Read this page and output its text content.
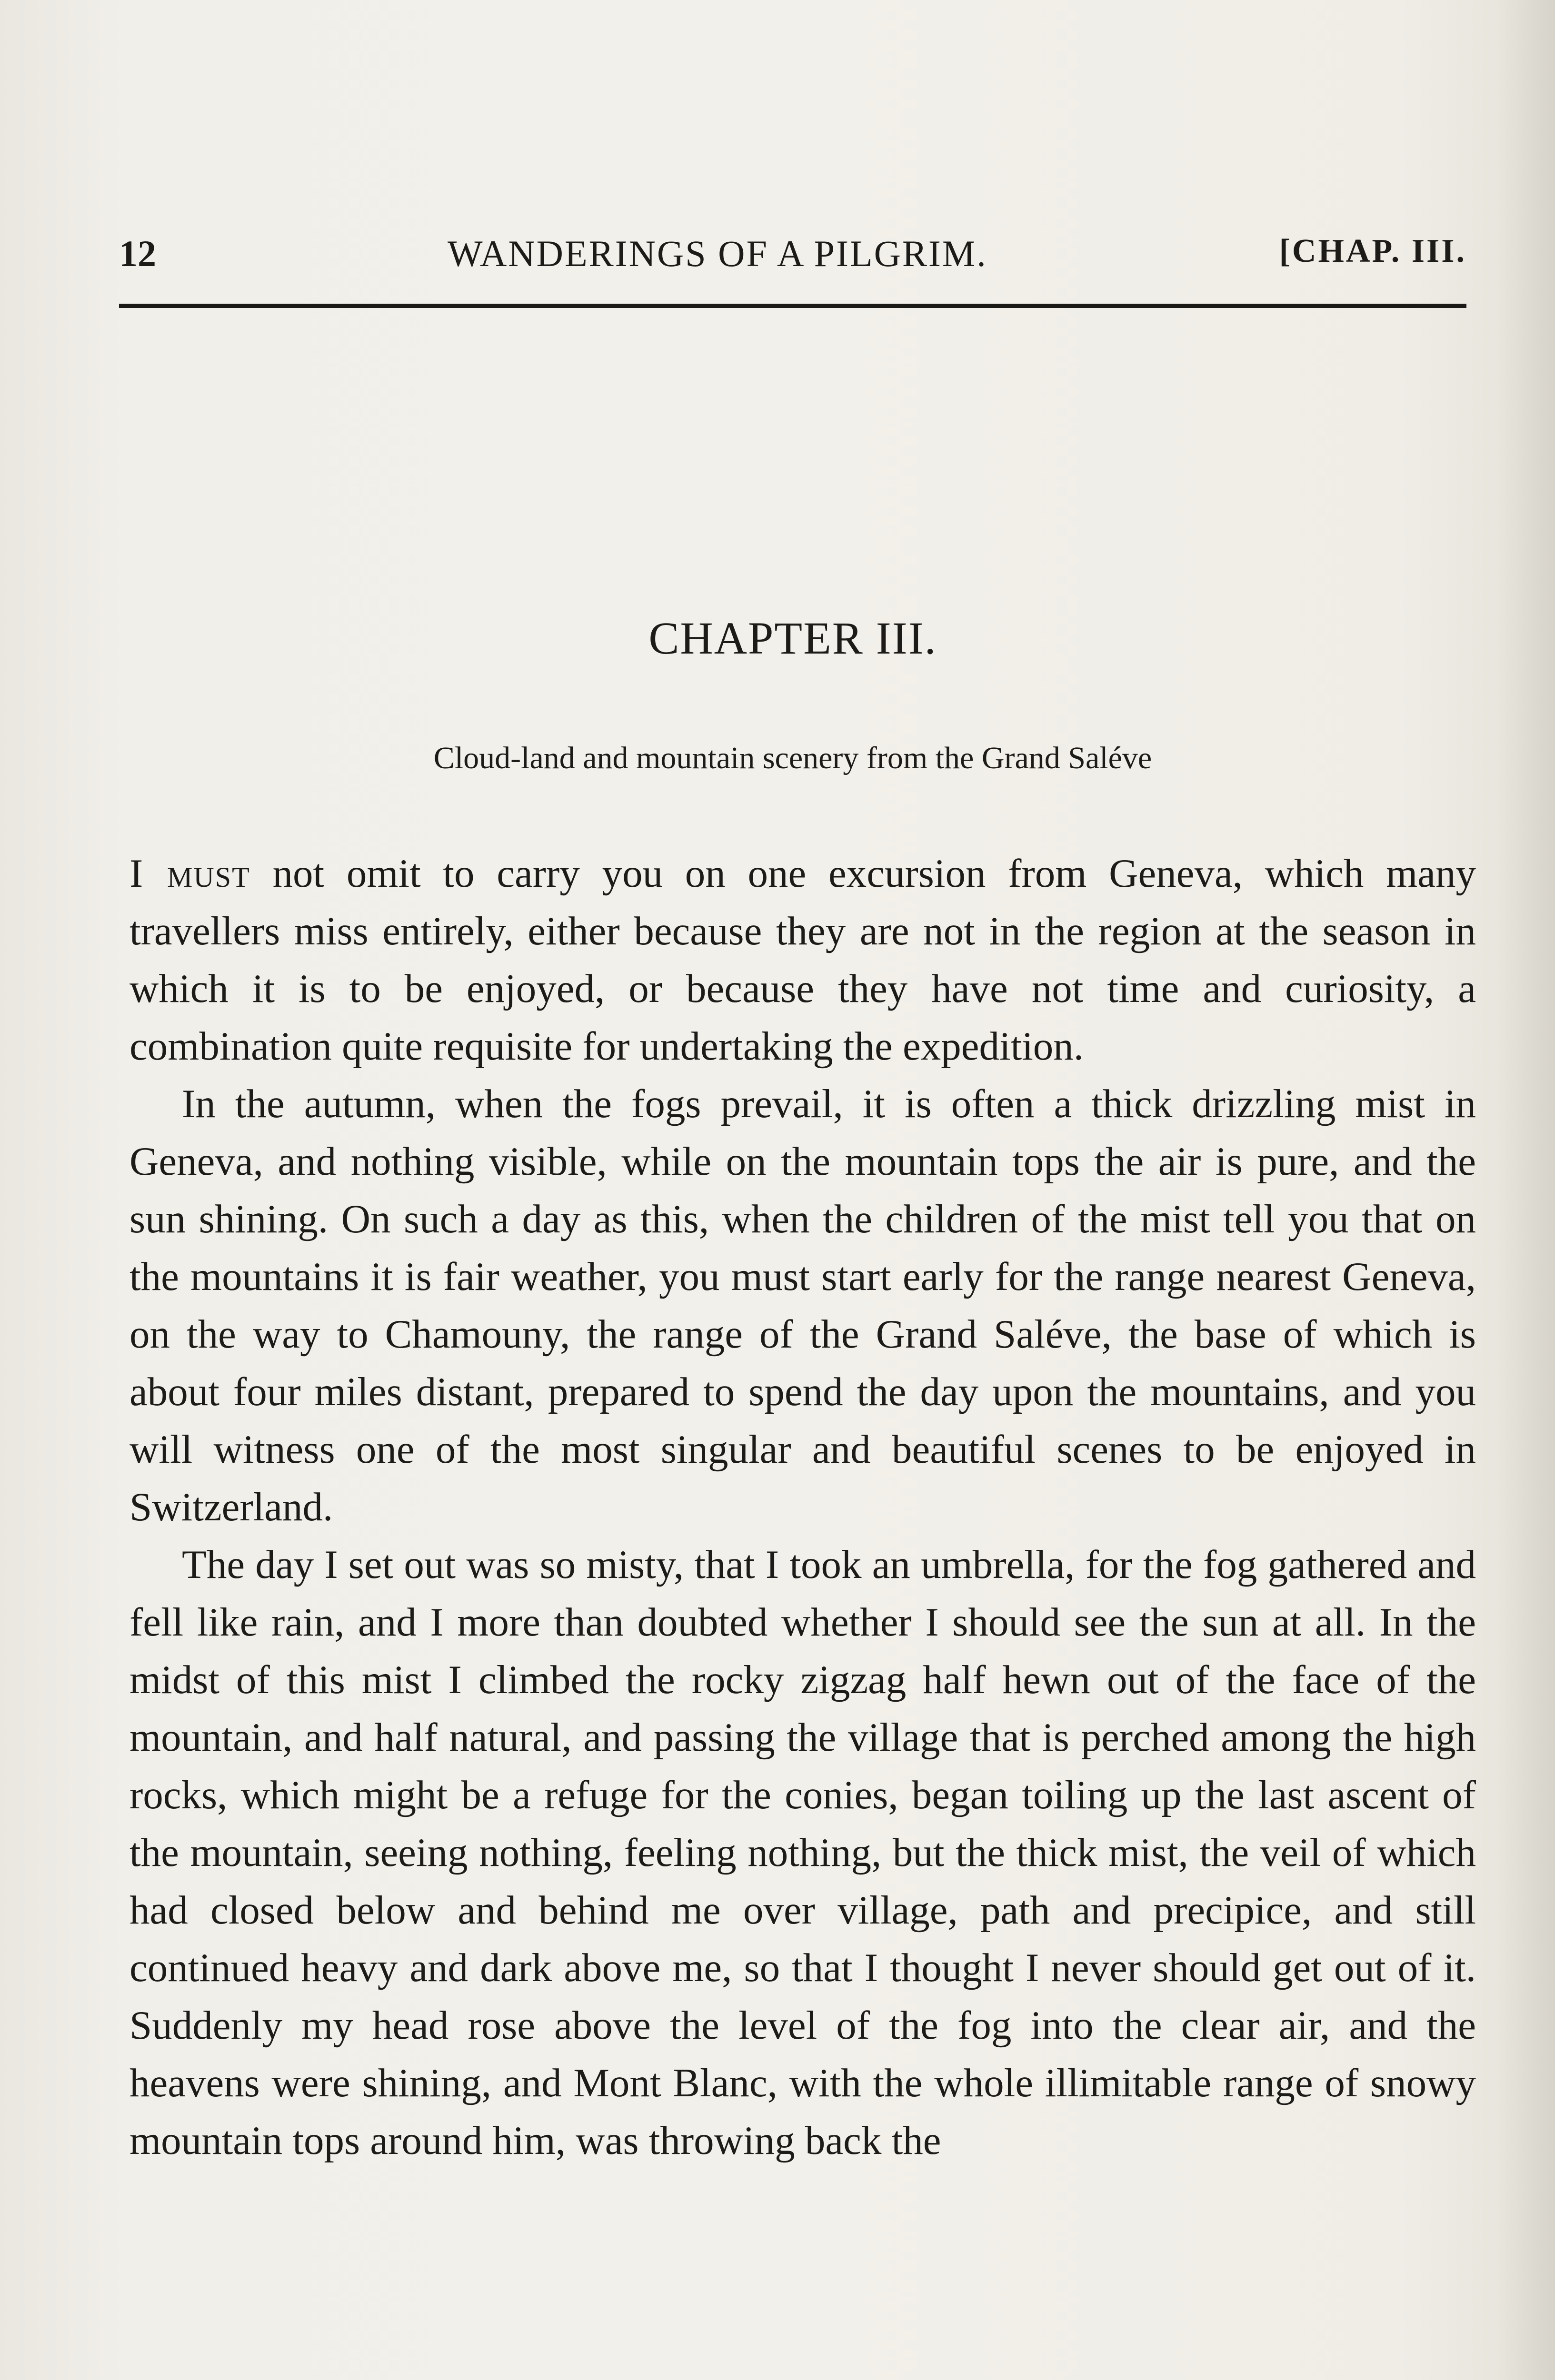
12	WANDERINGS OF A PILGRIM.	[CHAP. III.
CHAPTER III.
Cloud-land and mountain scenery from the Grand Saléve

I must not omit to carry you on one excursion from Geneva, which many travellers miss entirely, either because they are not in the region at the season in which it is to be enjoyed, or because they have not time and curiosity, a combination quite requisite for undertaking the expedition.

In the autumn, when the fogs prevail, it is often a thick drizzling mist in Geneva, and nothing visible, while on the mountain tops the air is pure, and the sun shining. On such a day as this, when the children of the mist tell you that on the mountains it is fair weather, you must start early for the range nearest Geneva, on the way to Chamouny, the range of the Grand Saléve, the base of which is about four miles distant, prepared to spend the day upon the mountains, and you will witness one of the most singular and beautiful scenes to be enjoyed in Switzerland.

The day I set out was so misty, that I took an umbrella, for the fog gathered and fell like rain, and I more than doubted whether I should see the sun at all. In the midst of this mist I climbed the rocky zigzag half hewn out of the face of the mountain, and half natural, and passing the village that is perched among the high rocks, which might be a refuge for the conies, began toiling up the last ascent of the mountain, seeing nothing, feeling nothing, but the thick mist, the veil of which had closed below and behind me over village, path and precipice, and still continued heavy and dark above me, so that I thought I never should get out of it. Suddenly my head rose above the level of the fog into the clear air, and the heavens were shining, and Mont Blanc, with the whole illimitable range of snowy mountain tops around him, was throwing back the
